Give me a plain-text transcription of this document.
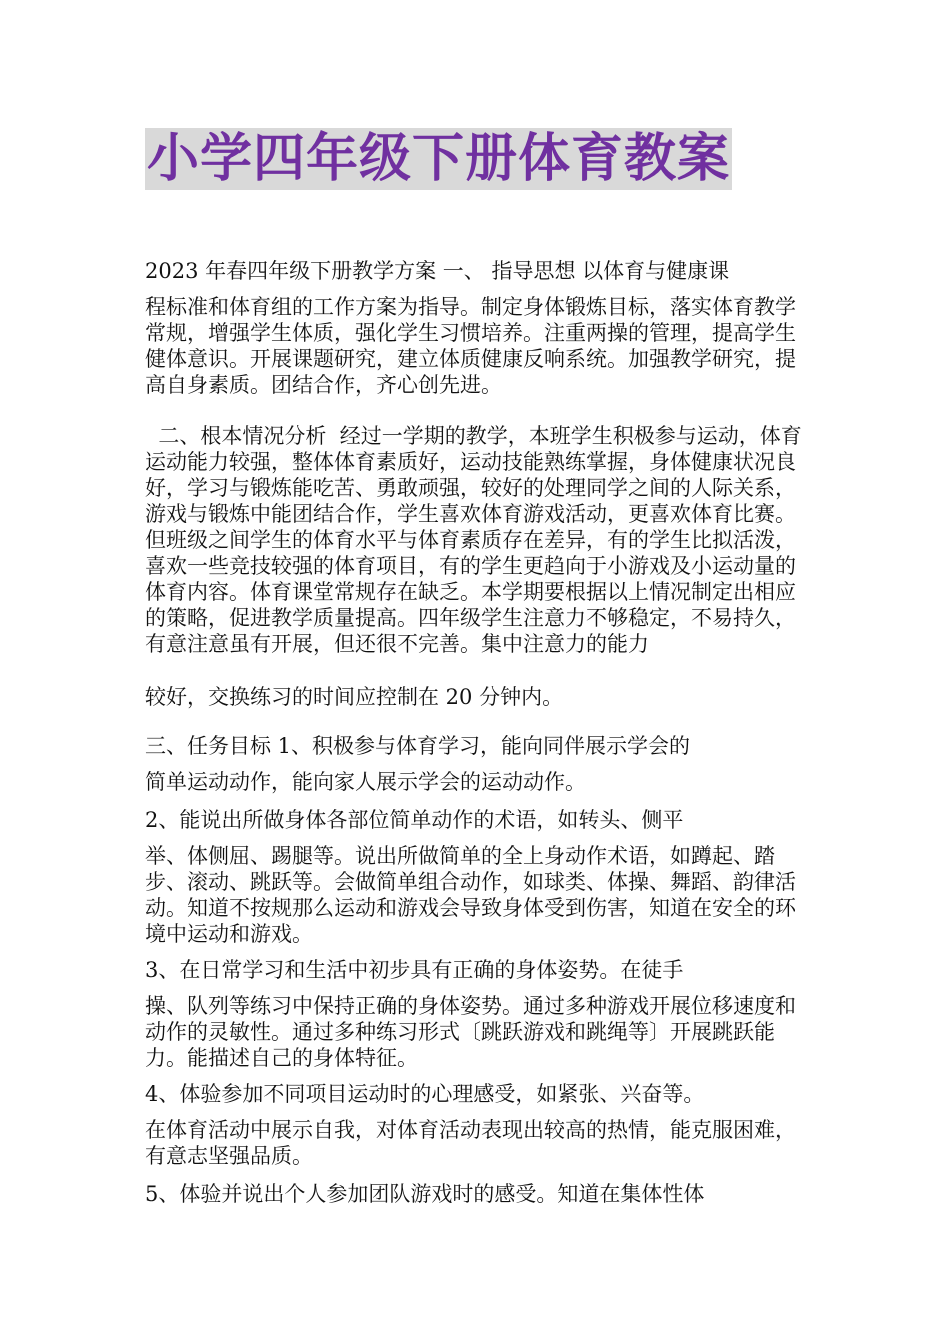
小学四年级下册体育教案
2023 年春四年级下册教学方案 一、 指导思想 以体育与健康课

程标准和体育组的工作方案为指导。制定身体锻炼目标，落实体育教学常规，增强学生体质，强化学生习惯培养。注重两操的管理，提高学生健体意识。开展课题研究，建立体质健康反响系统。加强教学研究，提高自身素质。团结合作，齐心创先进。

二、根本情况分析  经过一学期的教学，本班学生积极参与运动，体育运动能力较强，整体体育素质好，运动技能熟练掌握，身体健康状况良好，学习与锻炼能吃苦、勇敢顽强，较好的处理同学之间的人际关系，游戏与锻炼中能团结合作，学生喜欢体育游戏活动，更喜欢体育比赛。但班级之间学生的体育水平与体育素质存在差异，有的学生比拟活泼，喜欢一些竞技较强的体育项目，有的学生更趋向于小游戏及小运动量的体育内容。体育课堂常规存在缺乏。本学期要根据以上情况制定出相应的策略，促进教学质量提高。四年级学生注意力不够稳定，不易持久，有意注意虽有开展，但还很不完善。集中注意力的能力

较好，交换练习的时间应控制在 20 分钟内。
三、任务目标 1、积极参与体育学习，能向同伴展示学会的

简单运动动作，能向家人展示学会的运动动作。

2、能说出所做身体各部位简单动作的术语，如转头、侧平

举、体侧屈、踢腿等。说出所做简单的全上身动作术语，如蹲起、踏步、滚动、跳跃等。会做简单组合动作，如球类、体操、舞蹈、韵律活动。知道不按规那么运动和游戏会导致身体受到伤害，知道在安全的环境中运动和游戏。

3、在日常学习和生活中初步具有正确的身体姿势。在徒手

操、队列等练习中保持正确的身体姿势。通过多种游戏开展位移速度和动作的灵敏性。通过多种练习形式〔跳跃游戏和跳绳等〕开展跳跃能力。能描述自己的身体特征。

4、体验参加不同项目运动时的心理感受，如紧张、兴奋等。

在体育活动中展示自我，对体育活动表现出较高的热情，能克服困难，有意志坚强品质。

5、体验并说出个人参加团队游戏时的感受。知道在集体性体
